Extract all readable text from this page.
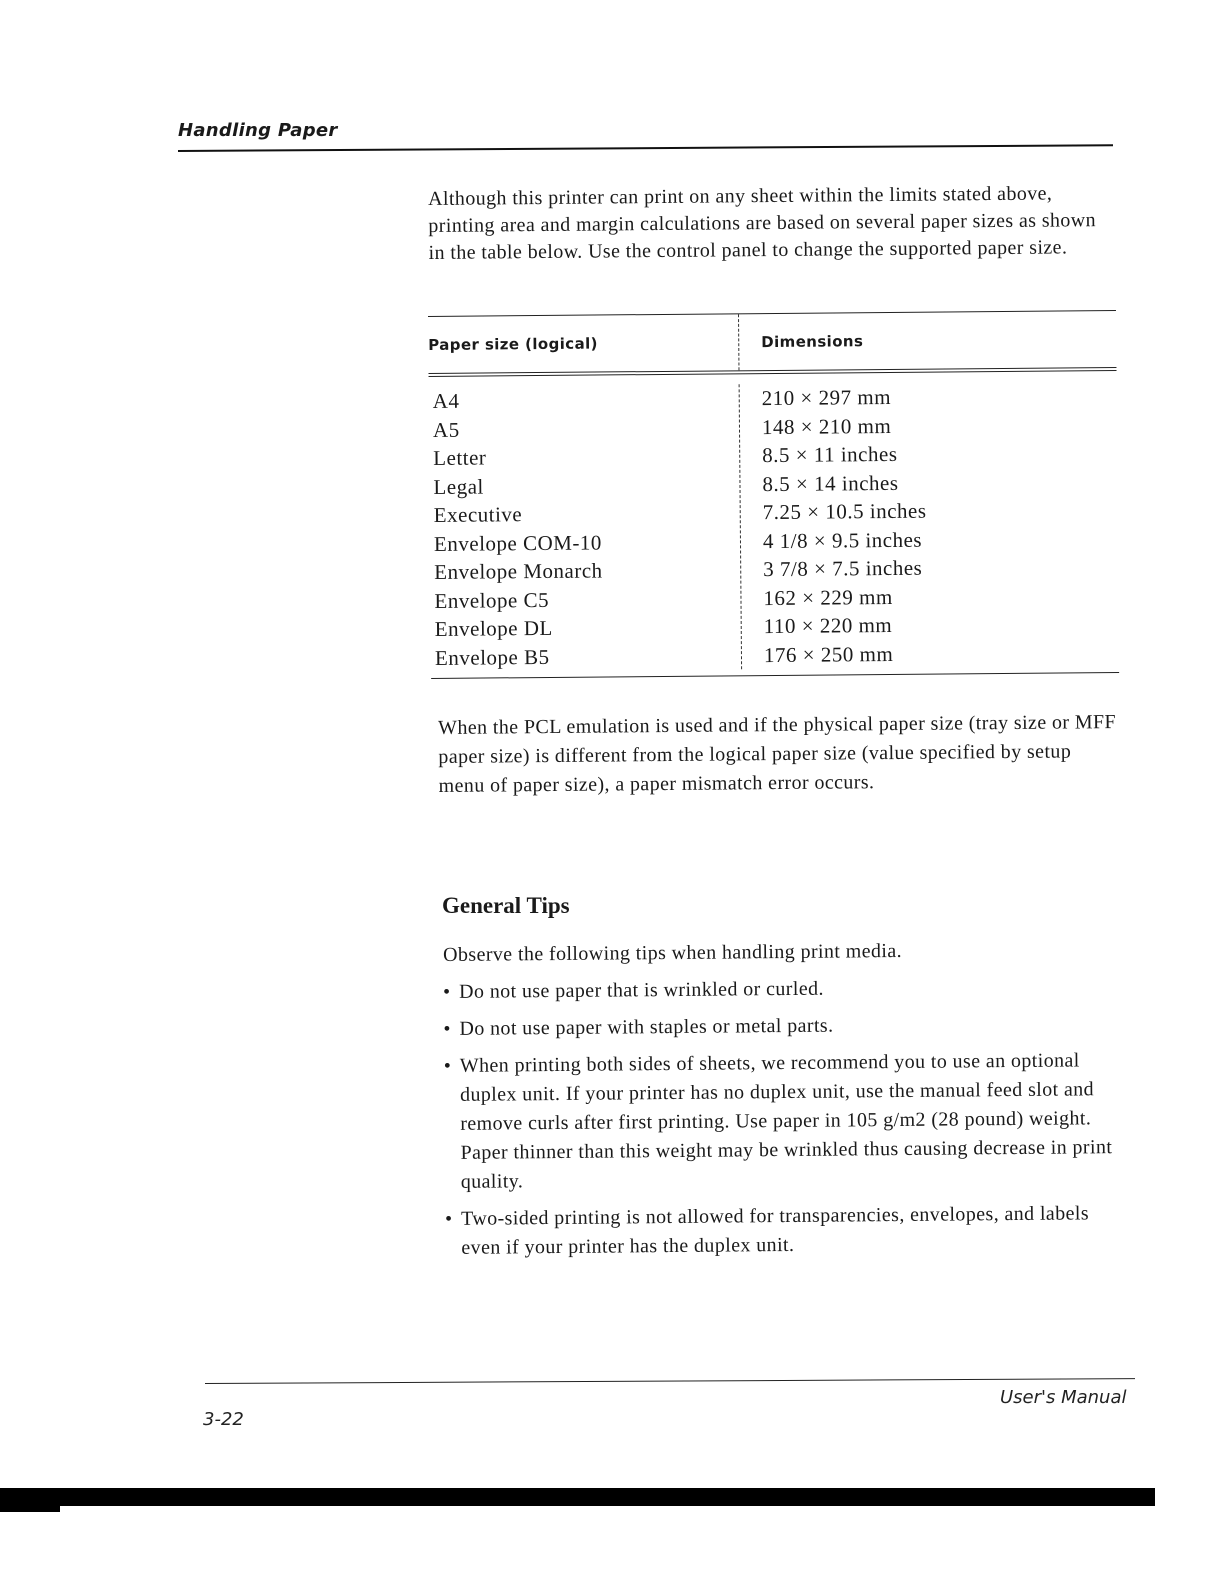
Handling Paper

Although this printer can print on any sheet within the limits stated above, printing area and margin calculations are based on several paper sizes as shown in the table below. Use the control panel to change the supported paper size.

Paper size (logical)	Dimensions
A4
A5
Letter
Legal
Executive
Envelope COM-10
Envelope Monarch
Envelope C5
Envelope DL
Envelope B5
210 × 297 mm
148 × 210 mm
8.5 × 11 inches
8.5 × 14 inches
7.25 × 10.5 inches
4 1/8 × 9.5 inches
3 7/8 × 7.5 inches
162 × 229 mm
110 × 220 mm
176 × 250 mm

When the PCL emulation is used and if the physical paper size (tray size or MFF paper size) is different from the logical paper size (value specified by setup menu of paper size), a paper mismatch error occurs.

General Tips

Observe the following tips when handling print media.

• Do not use paper that is wrinkled or curled.
• Do not use paper with staples or metal parts.
• When printing both sides of sheets, we recommend you to use an optional duplex unit. If your printer has no duplex unit, use the manual feed slot and remove curls after first printing. Use paper in 105 g/m2 (28 pound) weight. Paper thinner than this weight may be wrinkled thus causing decrease in print quality.
• Two-sided printing is not allowed for transparencies, envelopes, and labels even if your printer has the duplex unit.
User's Manual
3-22
